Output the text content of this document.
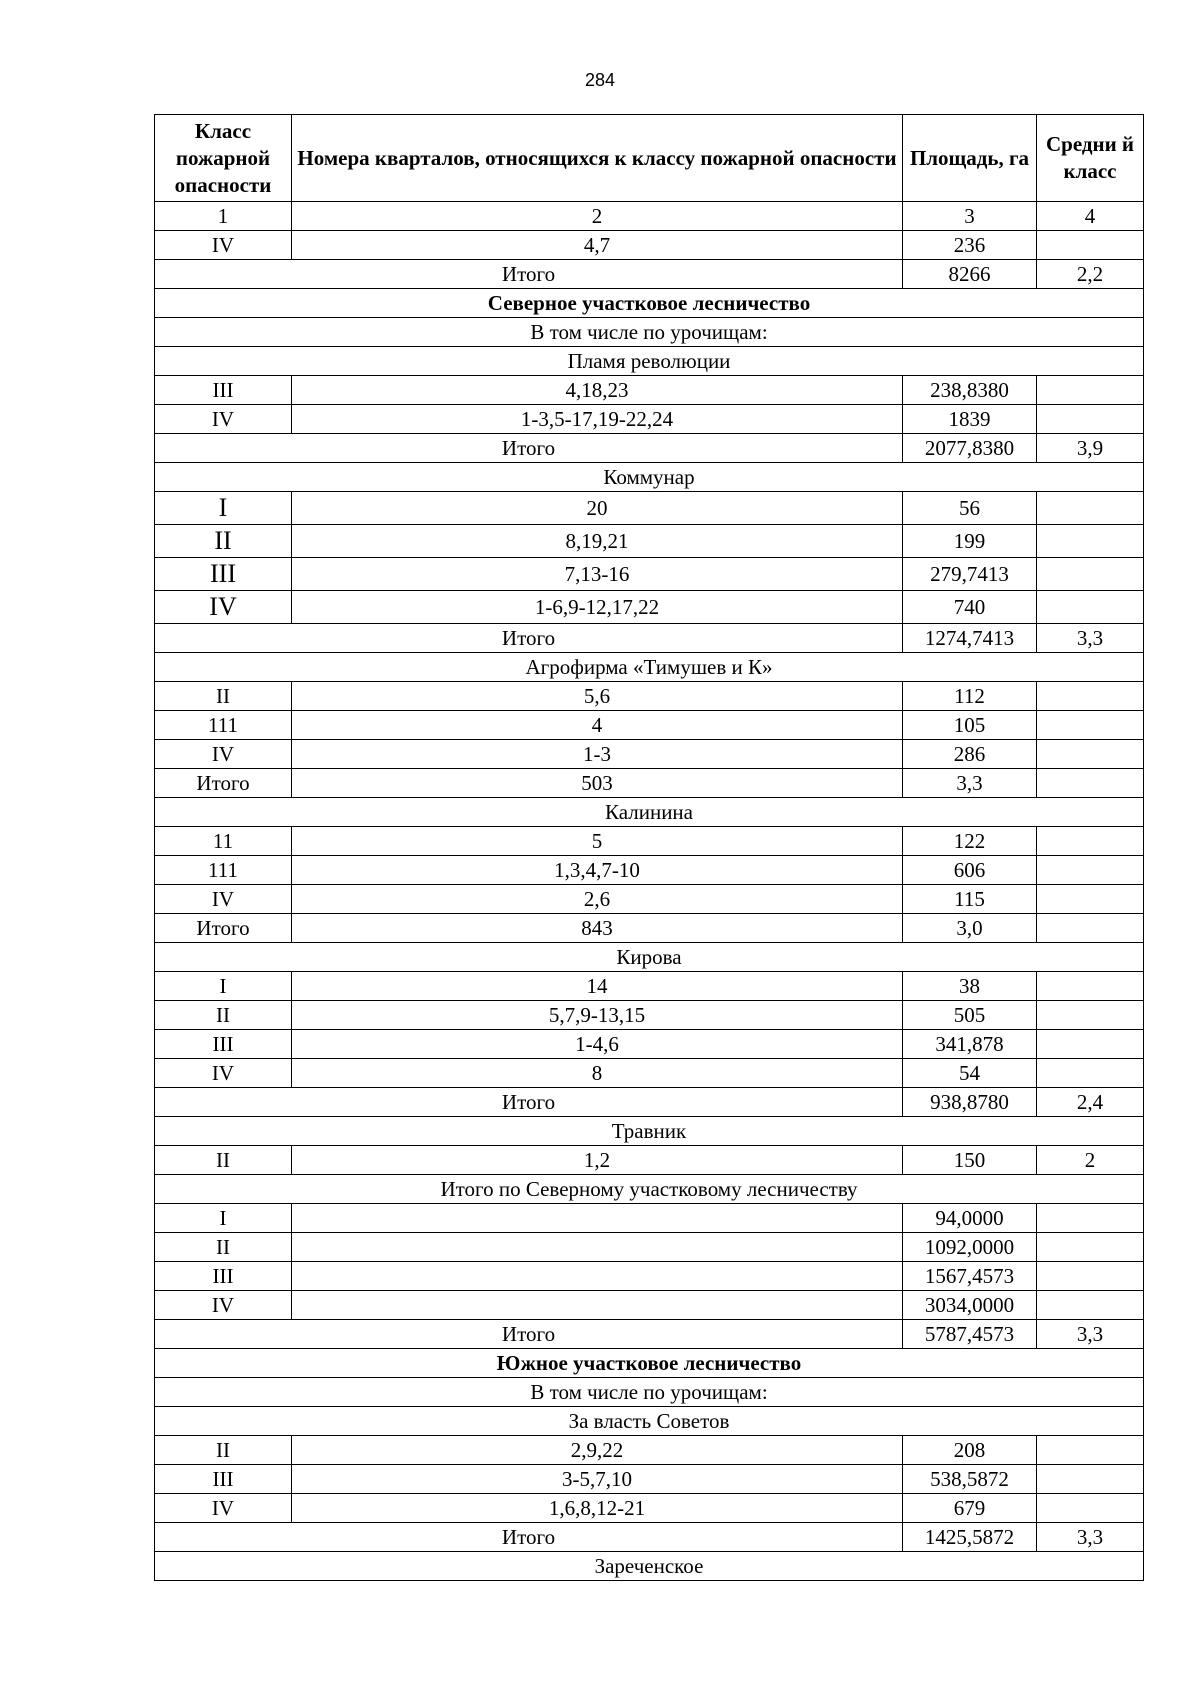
284
Класс пожарной опасности	Номера кварталов, относящихся к классу пожарной опасности	Площадь, га	Средни й класс
1	2	3	4
IV	4,7	236	
Итого		8266	2,2
Северное участковое лесничество			
В том числе по урочищам:			
Пламя революции			
III	4,18,23	238,8380	
IV	1-3,5-17,19-22,24	1839	
Итого		2077,8380	3,9
Коммунар			
I	20	56	
II	8,19,21	199	
III	7,13-16	279,7413	
IV	1-6,9-12,17,22	740	
Итого		1274,7413	3,3
Агрофирма «Тимушев и К»			
II	5,6	112	
111	4	105	
IV	1-3	286	
Итого	503	3,3	
Калинина			
11	5	122	
111	1,3,4,7-10	606	
IV	2,6	115	
Итого	843	3,0	
Кирова			
I	14	38	
II	5,7,9-13,15	505	
III	1-4,6	341,878	
IV	8	54	
Итого		938,8780	2,4
Травник			
II	1,2	150	2
Итого по Северному участковому лесничеству			
I		94,0000	
II		1092,0000	
III		1567,4573	
IV		3034,0000	
Итого		5787,4573	3,3
Южное участковое лесничество			
В том числе по урочищам:			
За власть Советов			
II	2,9,22	208	
III	3-5,7,10	538,5872	
IV	1,6,8,12-21	679	
Итого		1425,5872	3,3
Зареченское			
